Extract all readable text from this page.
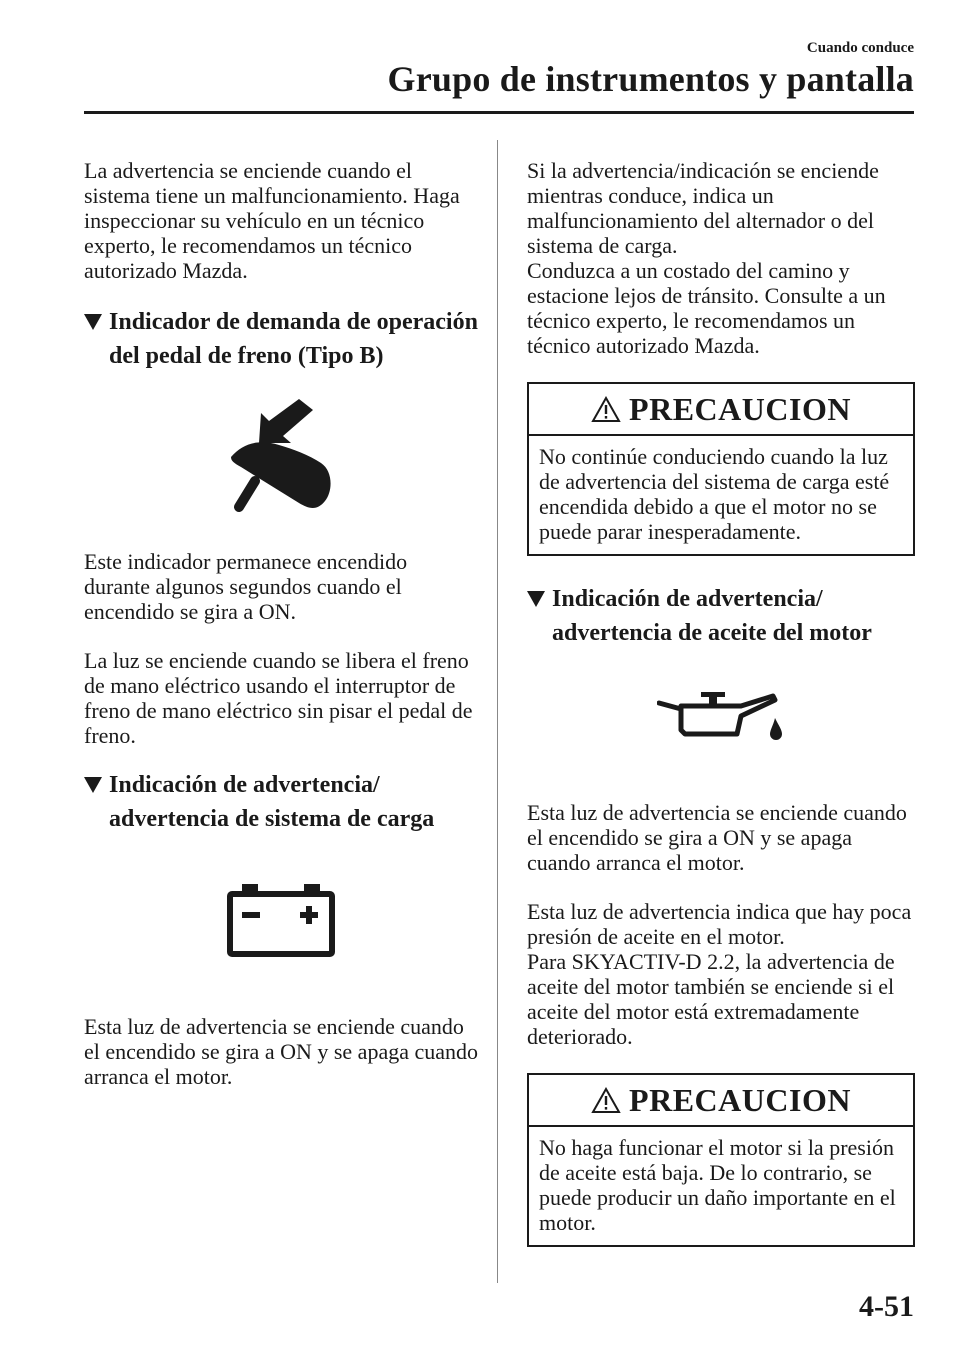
Cuando conduce
Grupo de instrumentos y pantalla

La advertencia se enciende cuando el sistema tiene un malfuncionamiento. Haga inspeccionar su vehículo en un técnico experto, le recomendamos un técnico autorizado Mazda.

Indicador de demanda de operación del pedal de freno (Tipo B)

Este indicador permanece encendido durante algunos segundos cuando el encendido se gira a ON.

La luz se enciende cuando se libera el freno de mano eléctrico usando el interruptor de freno de mano eléctrico sin pisar el pedal de freno.

Indicación de advertencia/ advertencia de sistema de carga

Esta luz de advertencia se enciende cuando el encendido se gira a ON y se apaga cuando arranca el motor.

Si la advertencia/indicación se enciende mientras conduce, indica un malfuncionamiento del alternador o del sistema de carga.

Conduzca a un costado del camino y estacione lejos de tránsito. Consulte a un técnico experto, le recomendamos un técnico autorizado Mazda.

PRECAUCION
No continúe conduciendo cuando la luz de advertencia del sistema de carga esté encendida debido a que el motor no se puede parar inesperadamente.
Indicación de advertencia/ advertencia de aceite del motor

Esta luz de advertencia se enciende cuando el encendido se gira a ON y se apaga cuando arranca el motor.

Esta luz de advertencia indica que hay poca presión de aceite en el motor.

Para SKYACTIV-D 2.2, la advertencia de aceite del motor también se enciende si el aceite del motor está extremadamente deteriorado.

PRECAUCION
No haga funcionar el motor si la presión de aceite está baja. De lo contrario, se puede producir un daño importante en el motor.
4-51
